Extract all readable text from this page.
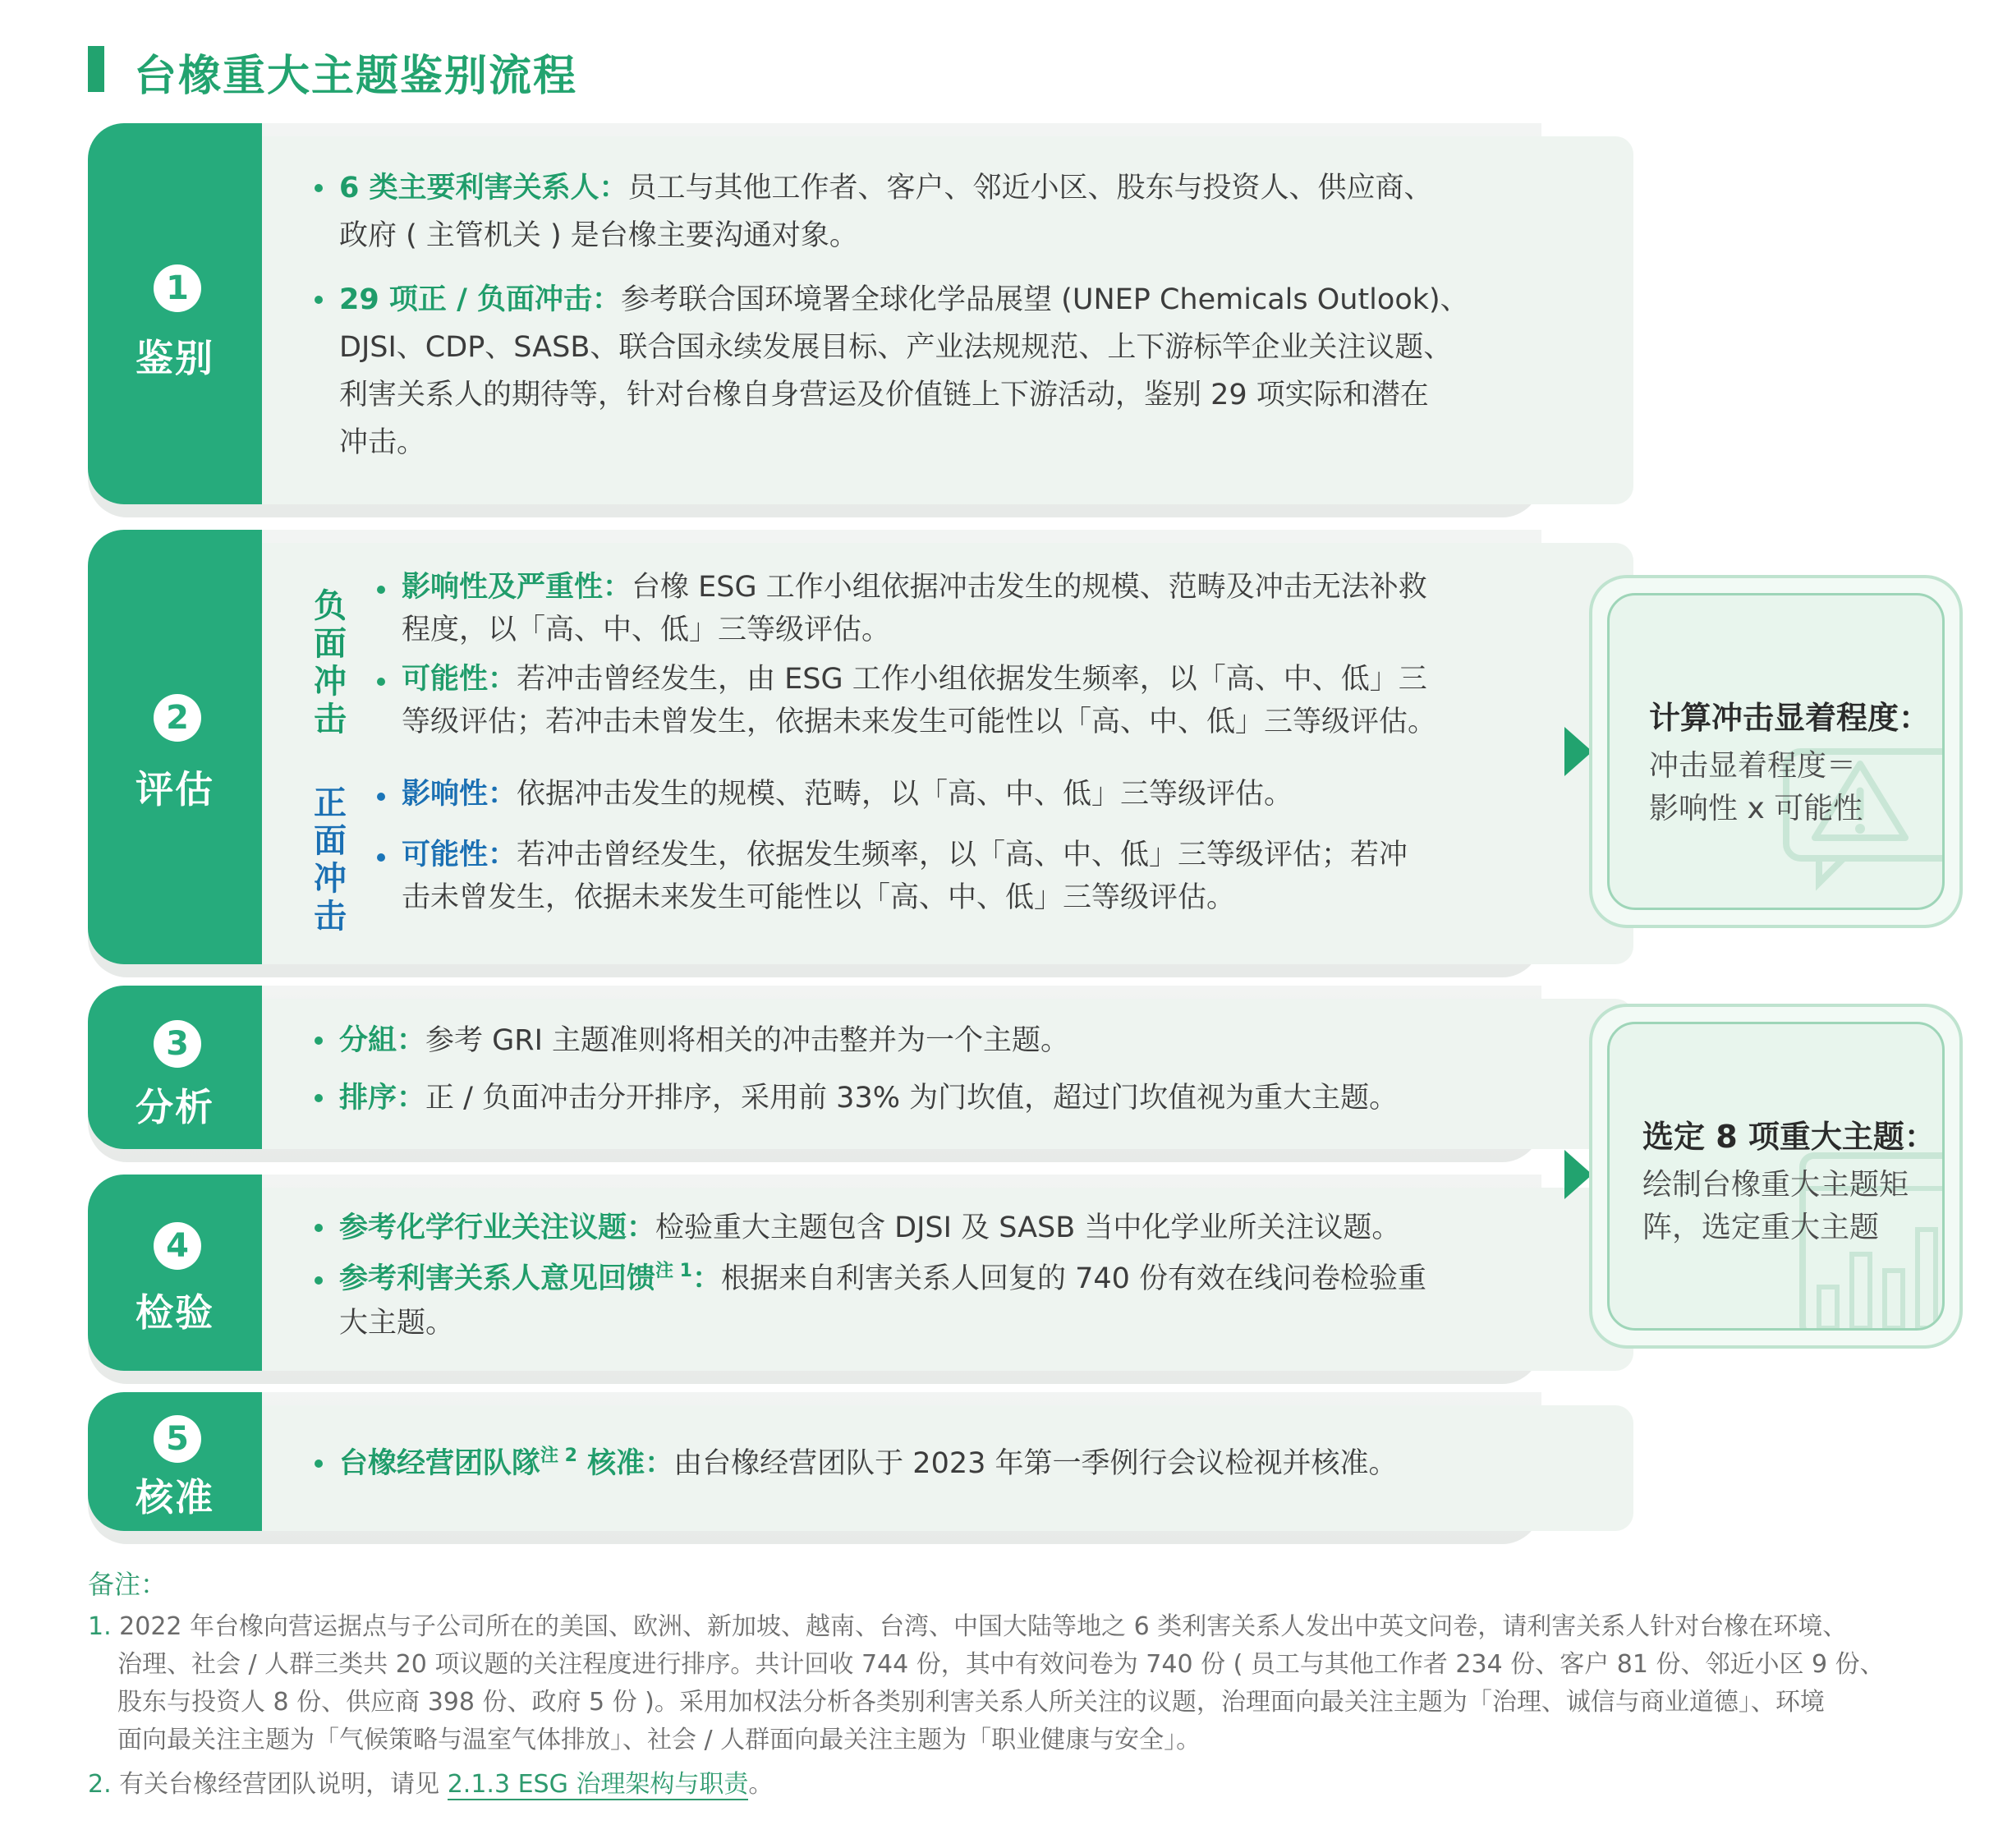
台橡重大主题鉴别流程
1
鉴别
6 类主要利害关系人：员工与其他工作者、客户、邻近小区、股东与投资人、供应商、
政府 ( 主管机关 ) 是台橡主要沟通对象。
29 项正 / 负面冲击：参考联合国环境署全球化学品展望 (UNEP Chemicals Outlook)、
DJSI、CDP、SASB、联合国永续发展目标、产业法规规范、上下游标竿企业关注议题、
利害关系人的期待等，针对台橡自身营运及价值链上下游活动，鉴别 29 项实际和潜在
冲击。
2
评估
负
面
冲
击
正
面
冲
击
影响性及严重性：台橡 ESG 工作小组依据冲击发生的规模、范畴及冲击无法补救
程度，以「高、中、低」三等级评估。
可能性：若冲击曾经发生，由 ESG 工作小组依据发生频率，以「高、中、低」三
等级评估；若冲击未曾发生，依据未来发生可能性以「高、中、低」三等级评估。
影响性：依据冲击发生的规模、范畴，以「高、中、低」三等级评估。
可能性：若冲击曾经发生，依据发生频率，以「高、中、低」三等级评估；若冲
击未曾发生，依据未来发生可能性以「高、中、低」三等级评估。
3
分析
分組：参考 GRI 主题准则将相关的冲击整并为一个主题。
排序：正 / 负面冲击分开排序，采用前 33% 为门坎值，超过门坎值视为重大主题。
4
检验
参考化学行业关注议题：检验重大主题包含 DJSI 及 SASB 当中化学业所关注议题。
参考利害关系人意见回馈$^{注 1}$：根据来自利害关系人回复的 740 份有效在线问卷检验重
大主题。
5
核准
台橡经营团队隊$^{注 2}$ 核准：由台橡经营团队于 2023 年第一季例行会议检视并核准。
计算冲击显着程度：
冲击显着程度＝
影响性 x 可能性
选定 8 项重大主题：
绘制台橡重大主题矩
阵，选定重大主题
备注：
1. 2022 年台橡向营运据点与子公司所在的美国、欧洲、新加坡、越南、台湾、中国大陆等地之 6 类利害关系人发出中英文问卷，请利害关系人针对台橡在环境、
治理、社会 / 人群三类共 20 项议题的关注程度进行排序。共计回收 744 份，其中有效问卷为 740 份 ( 员工与其他工作者 234 份、客户 81 份、邻近小区 9 份、
股东与投资人 8 份、供应商 398 份、政府 5 份 )。采用加权法分析各类别利害关系人所关注的议题，治理面向最关注主题为「治理、诚信与商业道德」、环境
面向最关注主题为「气候策略与温室气体排放」、社会 / 人群面向最关注主题为「职业健康与安全」。
2. 有关台橡经营团队说明，请见 2.1.3 ESG 治理架构与职责。
